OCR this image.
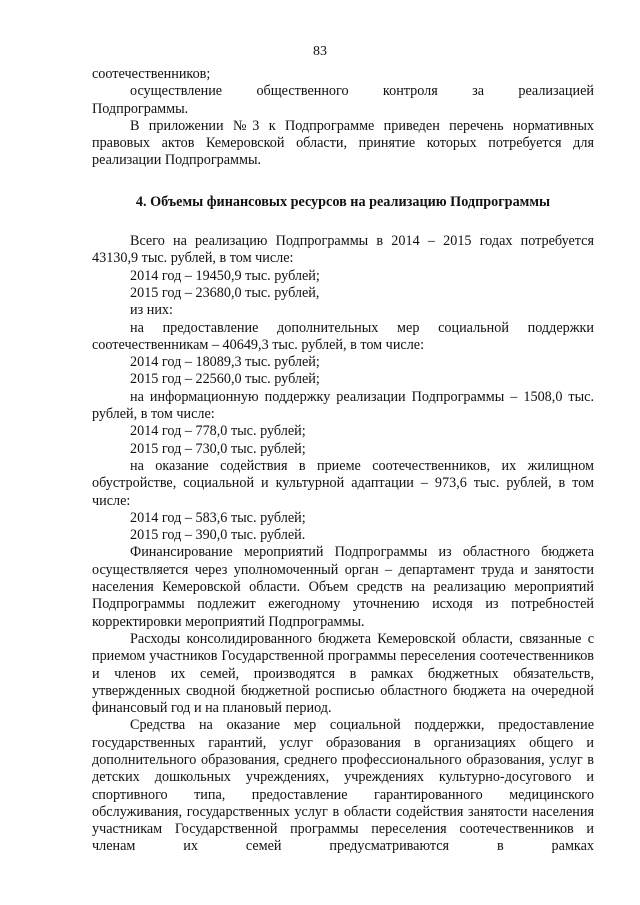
83

соотечественников;

осуществление общественного контроля за реализацией

Подпрограммы.

В приложении №3 к Подпрограмме приведен перечень нормативных правовых актов Кемеровской области, принятие которых потребуется для реализации Подпрограммы.

4. Объемы финансовых ресурсов на реализацию Подпрограммы

Всего на реализацию Подпрограммы в 2014 – 2015 годах потребуется 43130,9 тыс. рублей, в том числе:

2014 год – 19450,9 тыс. рублей;

2015 год – 23680,0 тыс. рублей,

из них:

на предоставление дополнительных мер социальной поддержки соотечественникам – 40649,3 тыс. рублей, в том числе:

2014 год – 18089,3 тыс. рублей;

2015 год – 22560,0 тыс. рублей;

на информационную поддержку реализации Подпрограммы – 1508,0 тыс. рублей, в том числе:

2014 год – 778,0 тыс. рублей;

2015 год – 730,0 тыс. рублей;

на оказание содействия в приеме соотечественников, их жилищном обустройстве, социальной и культурной адаптации – 973,6 тыс. рублей, в том числе:

2014 год – 583,6 тыс. рублей;

2015 год – 390,0 тыс. рублей.

Финансирование мероприятий Подпрограммы из областного бюджета осуществляется через уполномоченный орган – департамент труда и занятости населения Кемеровской области. Объем средств на реализацию мероприятий Подпрограммы подлежит ежегодному уточнению исходя из потребностей корректировки мероприятий Подпрограммы.

Расходы консолидированного бюджета Кемеровской области, связанные с приемом участников Государственной программы переселения соотечественников и членов их семей, производятся в рамках бюджетных обязательств, утвержденных сводной бюджетной росписью областного бюджета на очередной финансовый год и на плановый период.

Средства на оказание мер социальной поддержки, предоставление государственных гарантий, услуг образования в организациях общего и дополнительного образования, среднего профессионального образования, услуг в детских дошкольных учреждениях, учреждениях культурно-досугового и спортивного типа, предоставление гарантированного медицинского обслуживания, государственных услуг в области содействия занятости населения участникам Государственной программы переселения соотечественников и членам их семей предусматриваются в рамках
